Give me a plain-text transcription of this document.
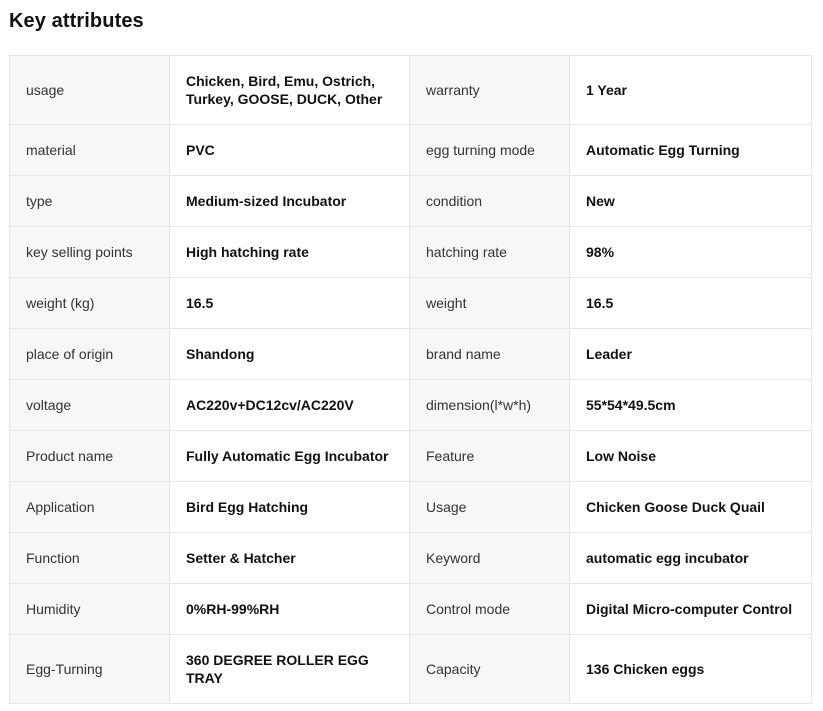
Key attributes
usage	Chicken, Bird, Emu, Ostrich, Turkey, GOOSE, DUCK, Other	warranty	1 Year
material	PVC	egg turning mode	Automatic Egg Turning
type	Medium-sized Incubator	condition	New
key selling points	High hatching rate	hatching rate	98%
weight (kg)	16.5	weight	16.5
place of origin	Shandong	brand name	Leader
voltage	AC220v+DC12cv/AC220V	dimension(l*w*h)	55*54*49.5cm
Product name	Fully Automatic Egg Incubator	Feature	Low Noise
Application	Bird Egg Hatching	Usage	Chicken Goose Duck Quail
Function	Setter & Hatcher	Keyword	automatic egg incubator
Humidity	0%RH-99%RH	Control mode	Digital Micro-computer Control
Egg-Turning	360 DEGREE ROLLER EGG TRAY	Capacity	136 Chicken eggs
